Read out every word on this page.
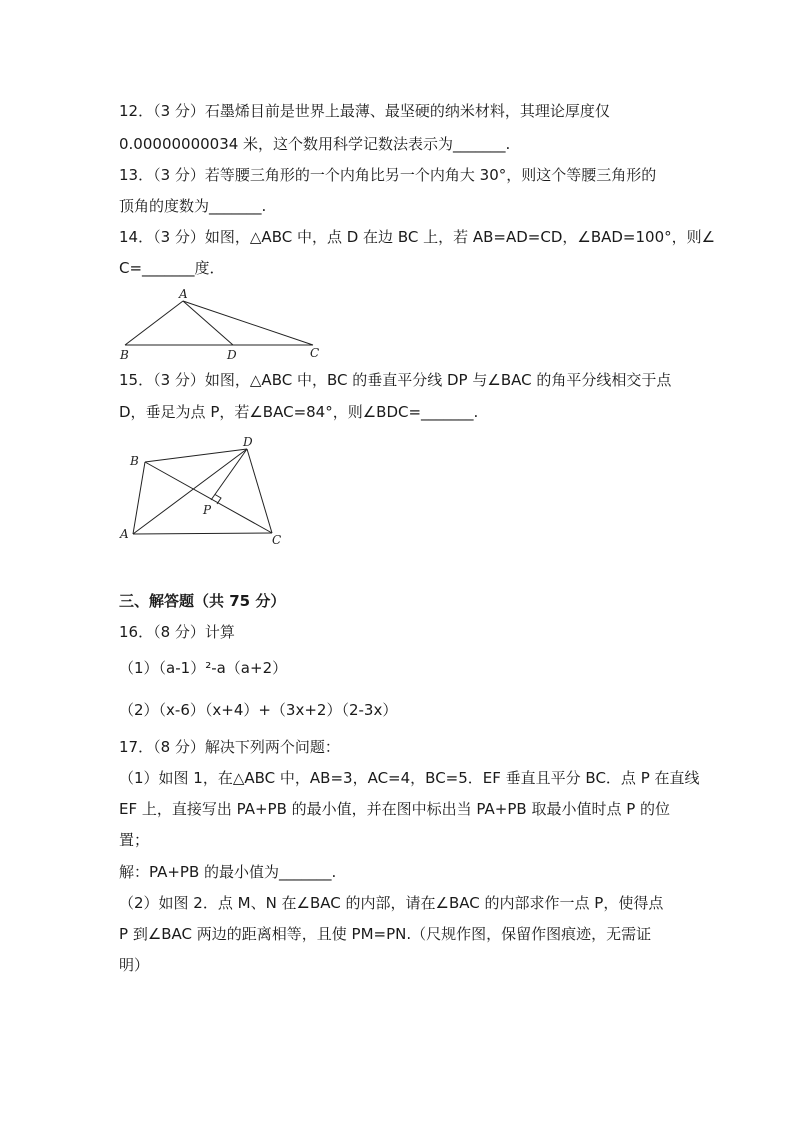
12．（3 分）石墨烯目前是世界上最薄、最坚硬的纳米材料，其理论厚度仅
0.00000000034 米，这个数用科学记数法表示为_______.
13．（3 分）若等腰三角形的一个内角比另一个内角大 30°，则这个等腰三角形的
顶角的度数为_______.
14．（3 分）如图，△ABC 中，点 D 在边 BC 上，若 AB=AD=CD，∠BAD=100°，则∠
C=_______度．
A
B	D	C
15．（3 分）如图，△ABC 中，BC 的垂直平分线 DP 与∠BAC 的角平分线相交于点
D，垂足为点 P，若∠BAC=84°，则∠BDC=_______.
B
D
A	C
P
三、解答题（共 75 分）
16．（8 分）计算
（1）（a-1）²-a（a+2）
（2）（x-6）（x+4）+（3x+2）（2-3x）
17．（8 分）解决下列两个问题：
（1）如图 1，在△ABC 中，AB=3，AC=4，BC=5．EF 垂直且平分 BC．点 P 在直线
EF 上，直接写出 PA+PB 的最小值，并在图中标出当 PA+PB 取最小值时点 P 的位
置；
解：PA+PB 的最小值为_______.
（2）如图 2．点 M、N 在∠BAC 的内部，请在∠BAC 的内部求作一点 P，使得点
P 到∠BAC 两边的距离相等，且使 PM=PN.（尺规作图，保留作图痕迹，无需证
明）
